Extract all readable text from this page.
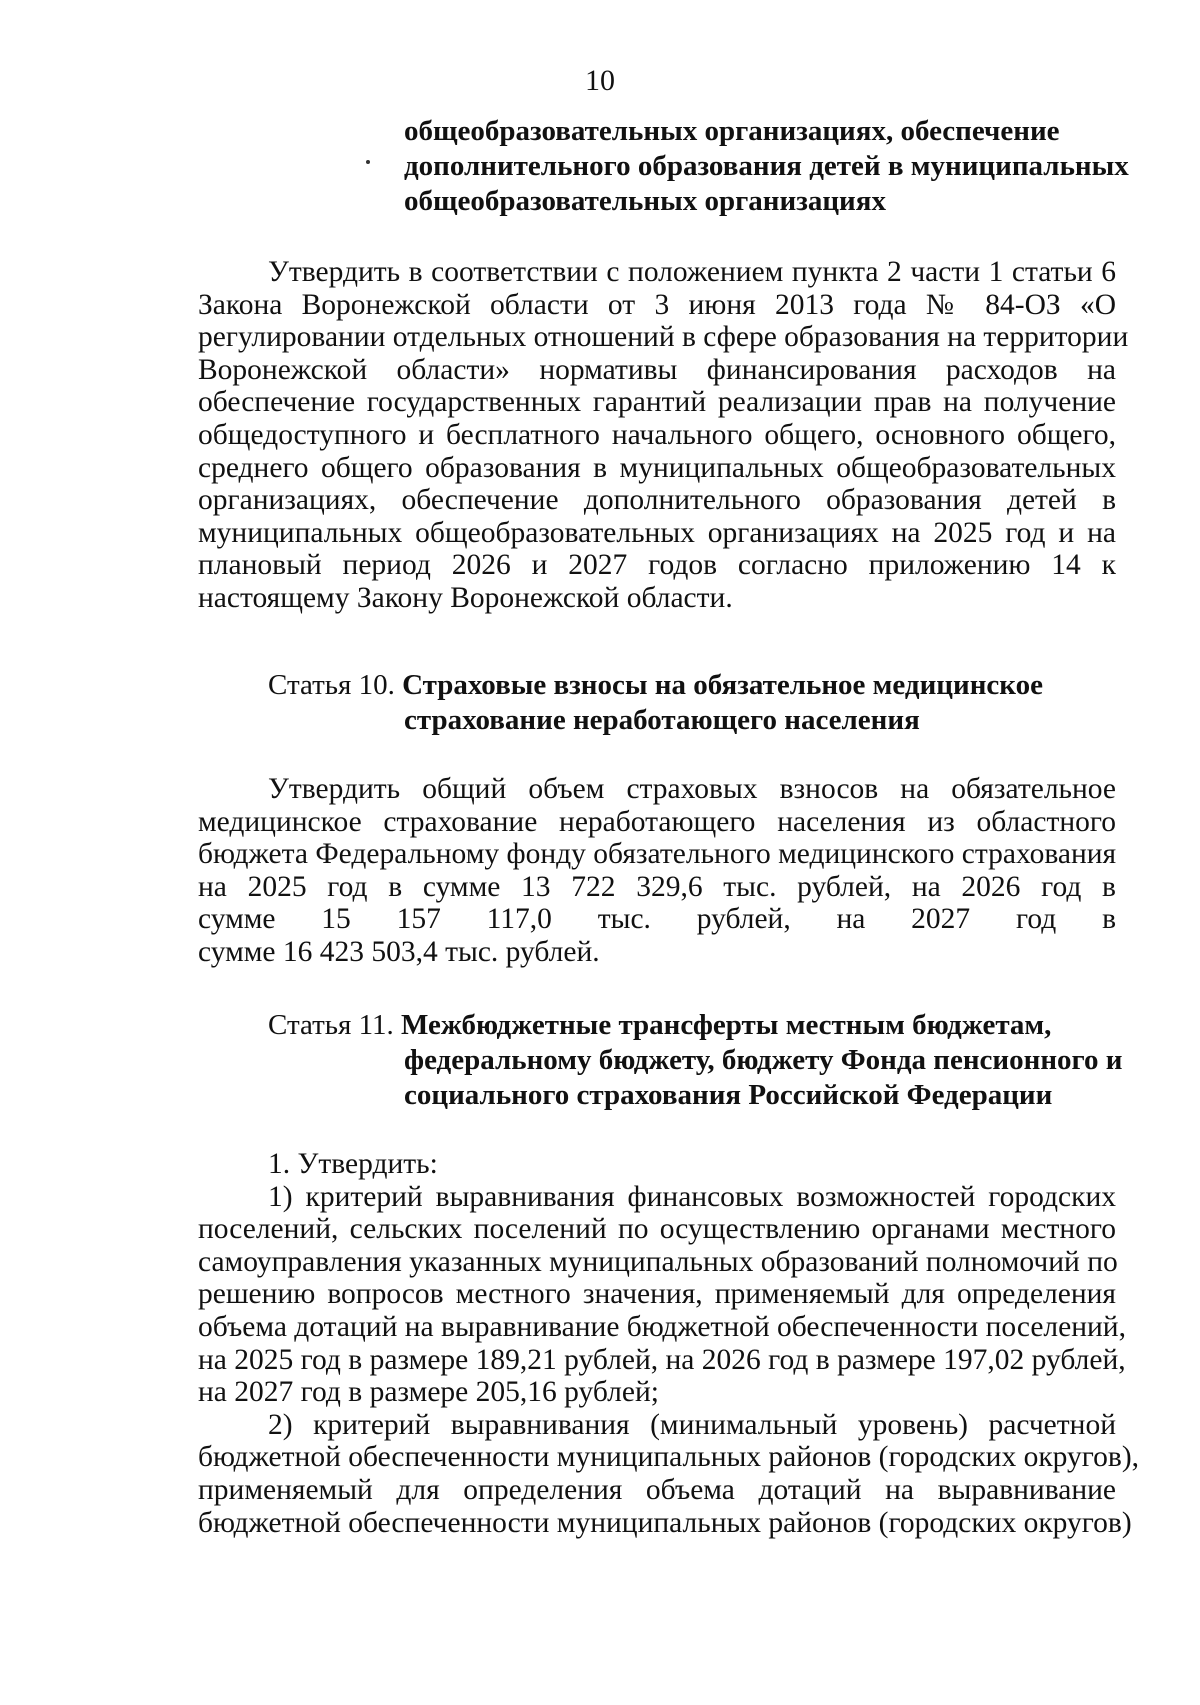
10
общеобразовательных организациях, обеспечение
дополнительного образования детей в муниципальных
общеобразовательных организациях
Утвердить в соответствии с положением пункта 2 части 1 статьи 6
Закона Воронежской области от 3 июня 2013 года № 84-ОЗ «О
регулировании отдельных отношений в сфере образования на территории
Воронежской области» нормативы финансирования расходов на
обеспечение государственных гарантий реализации прав на получение
общедоступного и бесплатного начального общего, основного общего,
среднего общего образования в муниципальных общеобразовательных
организациях, обеспечение дополнительного образования детей в
муниципальных общеобразовательных организациях на 2025 год и на
плановый период 2026 и 2027 годов согласно приложению 14 к
настоящему Закону Воронежской области.
Статья 10. Страховые взносы на обязательное медицинское
страхование неработающего населения
Утвердить общий объем страховых взносов на обязательное
медицинское страхование неработающего населения из областного
бюджета Федеральному фонду обязательного медицинского страхования
на 2025 год в сумме 13 722 329,6 тыс. рублей, на 2026 год в
сумме 15 157 117,0 тыс. рублей, на 2027 год в
сумме 16 423 503,4 тыс. рублей.
Статья 11. Межбюджетные трансферты местным бюджетам,
федеральному бюджету, бюджету Фонда пенсионного и
социального страхования Российской Федерации
1. Утвердить:
1) критерий выравнивания финансовых возможностей городских
поселений, сельских поселений по осуществлению органами местного
самоуправления указанных муниципальных образований полномочий по
решению вопросов местного значения, применяемый для определения
объема дотаций на выравнивание бюджетной обеспеченности поселений,
на 2025 год в размере 189,21 рублей, на 2026 год в размере 197,02 рублей,
на 2027 год в размере 205,16 рублей;
2) критерий выравнивания (минимальный уровень) расчетной
бюджетной обеспеченности муниципальных районов (городских округов),
применяемый для определения объема дотаций на выравнивание
бюджетной обеспеченности муниципальных районов (городских округов)
